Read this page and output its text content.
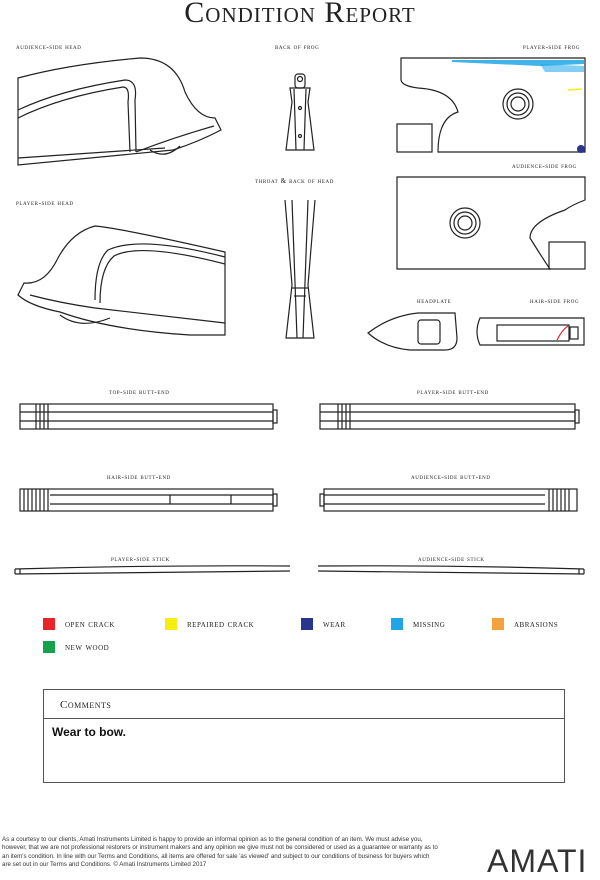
Condition Report
audience-side head	back of frog	player-side frog
audience-side frog
throat & back of head
player-side head
headplate	hair-side frog
top-side butt-end	player-side butt-end
hair-side butt-end	audience-side butt-end
player-side stick	audience-side stick
open crack	repaired crack	wear	missing	abrasions
new wood
Comments
Wear to bow.
As a courtesy to our clients, Amati Instruments Limited is happy to provide an informal opinion as to the general condition of an item. We must advise you, however, that we are not professional restorers or instrument makers and any opinion we give must not be considered or used as a guarantee or warranty as to an item's condition. In line with our Terms and Conditions, all items are offered for sale 'as viewed' and subject to our conditions of business for buyers which are set out in our Terms and Conditions. © Amati Instruments Limited 2017	AMATI
